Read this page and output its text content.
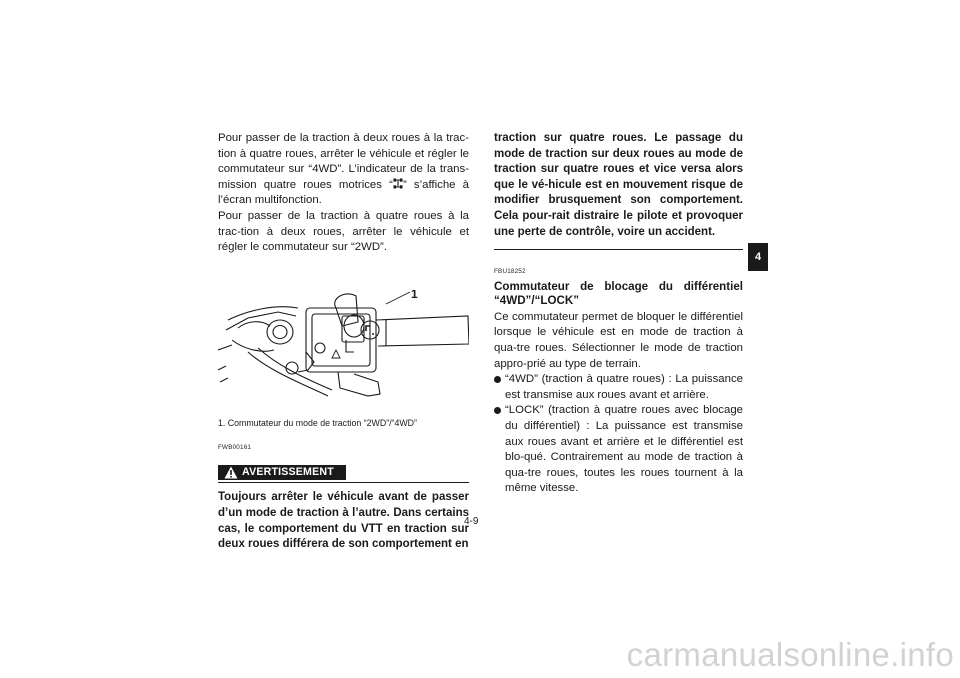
Pour passer de la traction à deux roues à la trac-tion à quatre roues, arrêter le véhicule et régler le commutateur sur “4WD”. L’indicateur de la trans-mission quatre roues motrices “ ” s’affiche à l’écran multifonction.

Pour passer de la traction à quatre roues à la trac-tion à deux roues, arrêter le véhicule et régler le commutateur sur “2WD”.

1

1. Commutateur du mode de traction “2WD”/“4WD”

FWB00161

AVERTISSEMENT

Toujours arrêter le véhicule avant de passer d’un mode de traction à l’autre. Dans certains cas, le comportement du VTT en traction sur deux roues différera de son comportement en

traction sur quatre roues. Le passage du mode de traction sur deux roues au mode de traction sur quatre roues et vice versa alors que le vé-hicule est en mouvement risque de modifier brusquement son comportement. Cela pour-rait distraire le pilote et provoquer une perte de contrôle, voire un accident.

FBU18252

Commutateur de blocage du différentiel “4WD”/“LOCK”

Ce commutateur permet de bloquer le différentiel lorsque le véhicule est en mode de traction à qua-tre roues. Sélectionner le mode de traction appro-prié au type de terrain.

“4WD” (traction à quatre roues) : La puissance est transmise aux roues avant et arrière.
“LOCK” (traction à quatre roues avec blocage du différentiel) : La puissance est transmise aux roues avant et arrière et le différentiel est blo-qué. Contrairement au mode de traction à qua-tre roues, toutes les roues tournent à la même vitesse.
4
4-9
carmanualsonline.info
